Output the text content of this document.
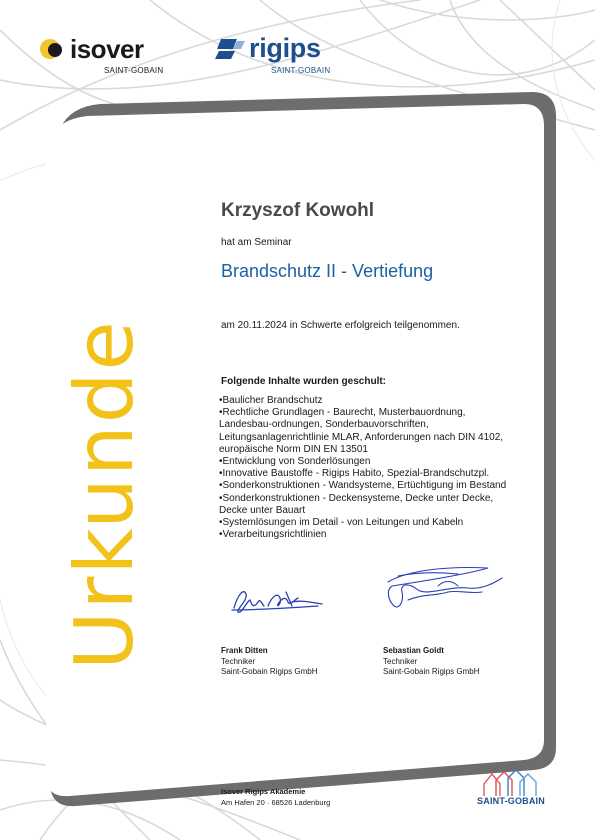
isover
SAINT-GOBAIN
rigips
SAINT-GOBAIN
Urkunde
Krzyszof Kowohl
hat am Seminar
Brandschutz II - Vertiefung
am 20.11.2024 in Schwerte erfolgreich teilgenommen.
Folgende Inhalte wurden geschult:
•Baulicher Brandschutz
•Rechtliche Grundlagen - Baurecht, Musterbauordnung,
Landesbau-ordnungen, Sonderbauvorschriften,
Leitungsanlagenrichtlinie MLAR, Anforderungen nach DIN 4102,
europäische Norm DIN EN 13501
•Entwicklung von Sonderlösungen
•Innovative Baustoffe - Rigips Habito, Spezial-Brandschutzpl.
•Sonderkonstruktionen - Wandsysteme, Ertüchtigung im Bestand
•Sonderkonstruktionen - Deckensysteme, Decke unter Decke,
Decke unter Bauart
•Systemlösungen im Detail - von Leitungen und Kabeln
•Verarbeitungsrichtlinien
Frank Ditten
Techniker
Saint-Gobain Rigips GmbH
Sebastian Goldt
Techniker
Saint-Gobain Rigips GmbH
Isover Rigips Akademie
Am Hafen 20 · 68526 Ladenburg	SAINT-GOBAIN
